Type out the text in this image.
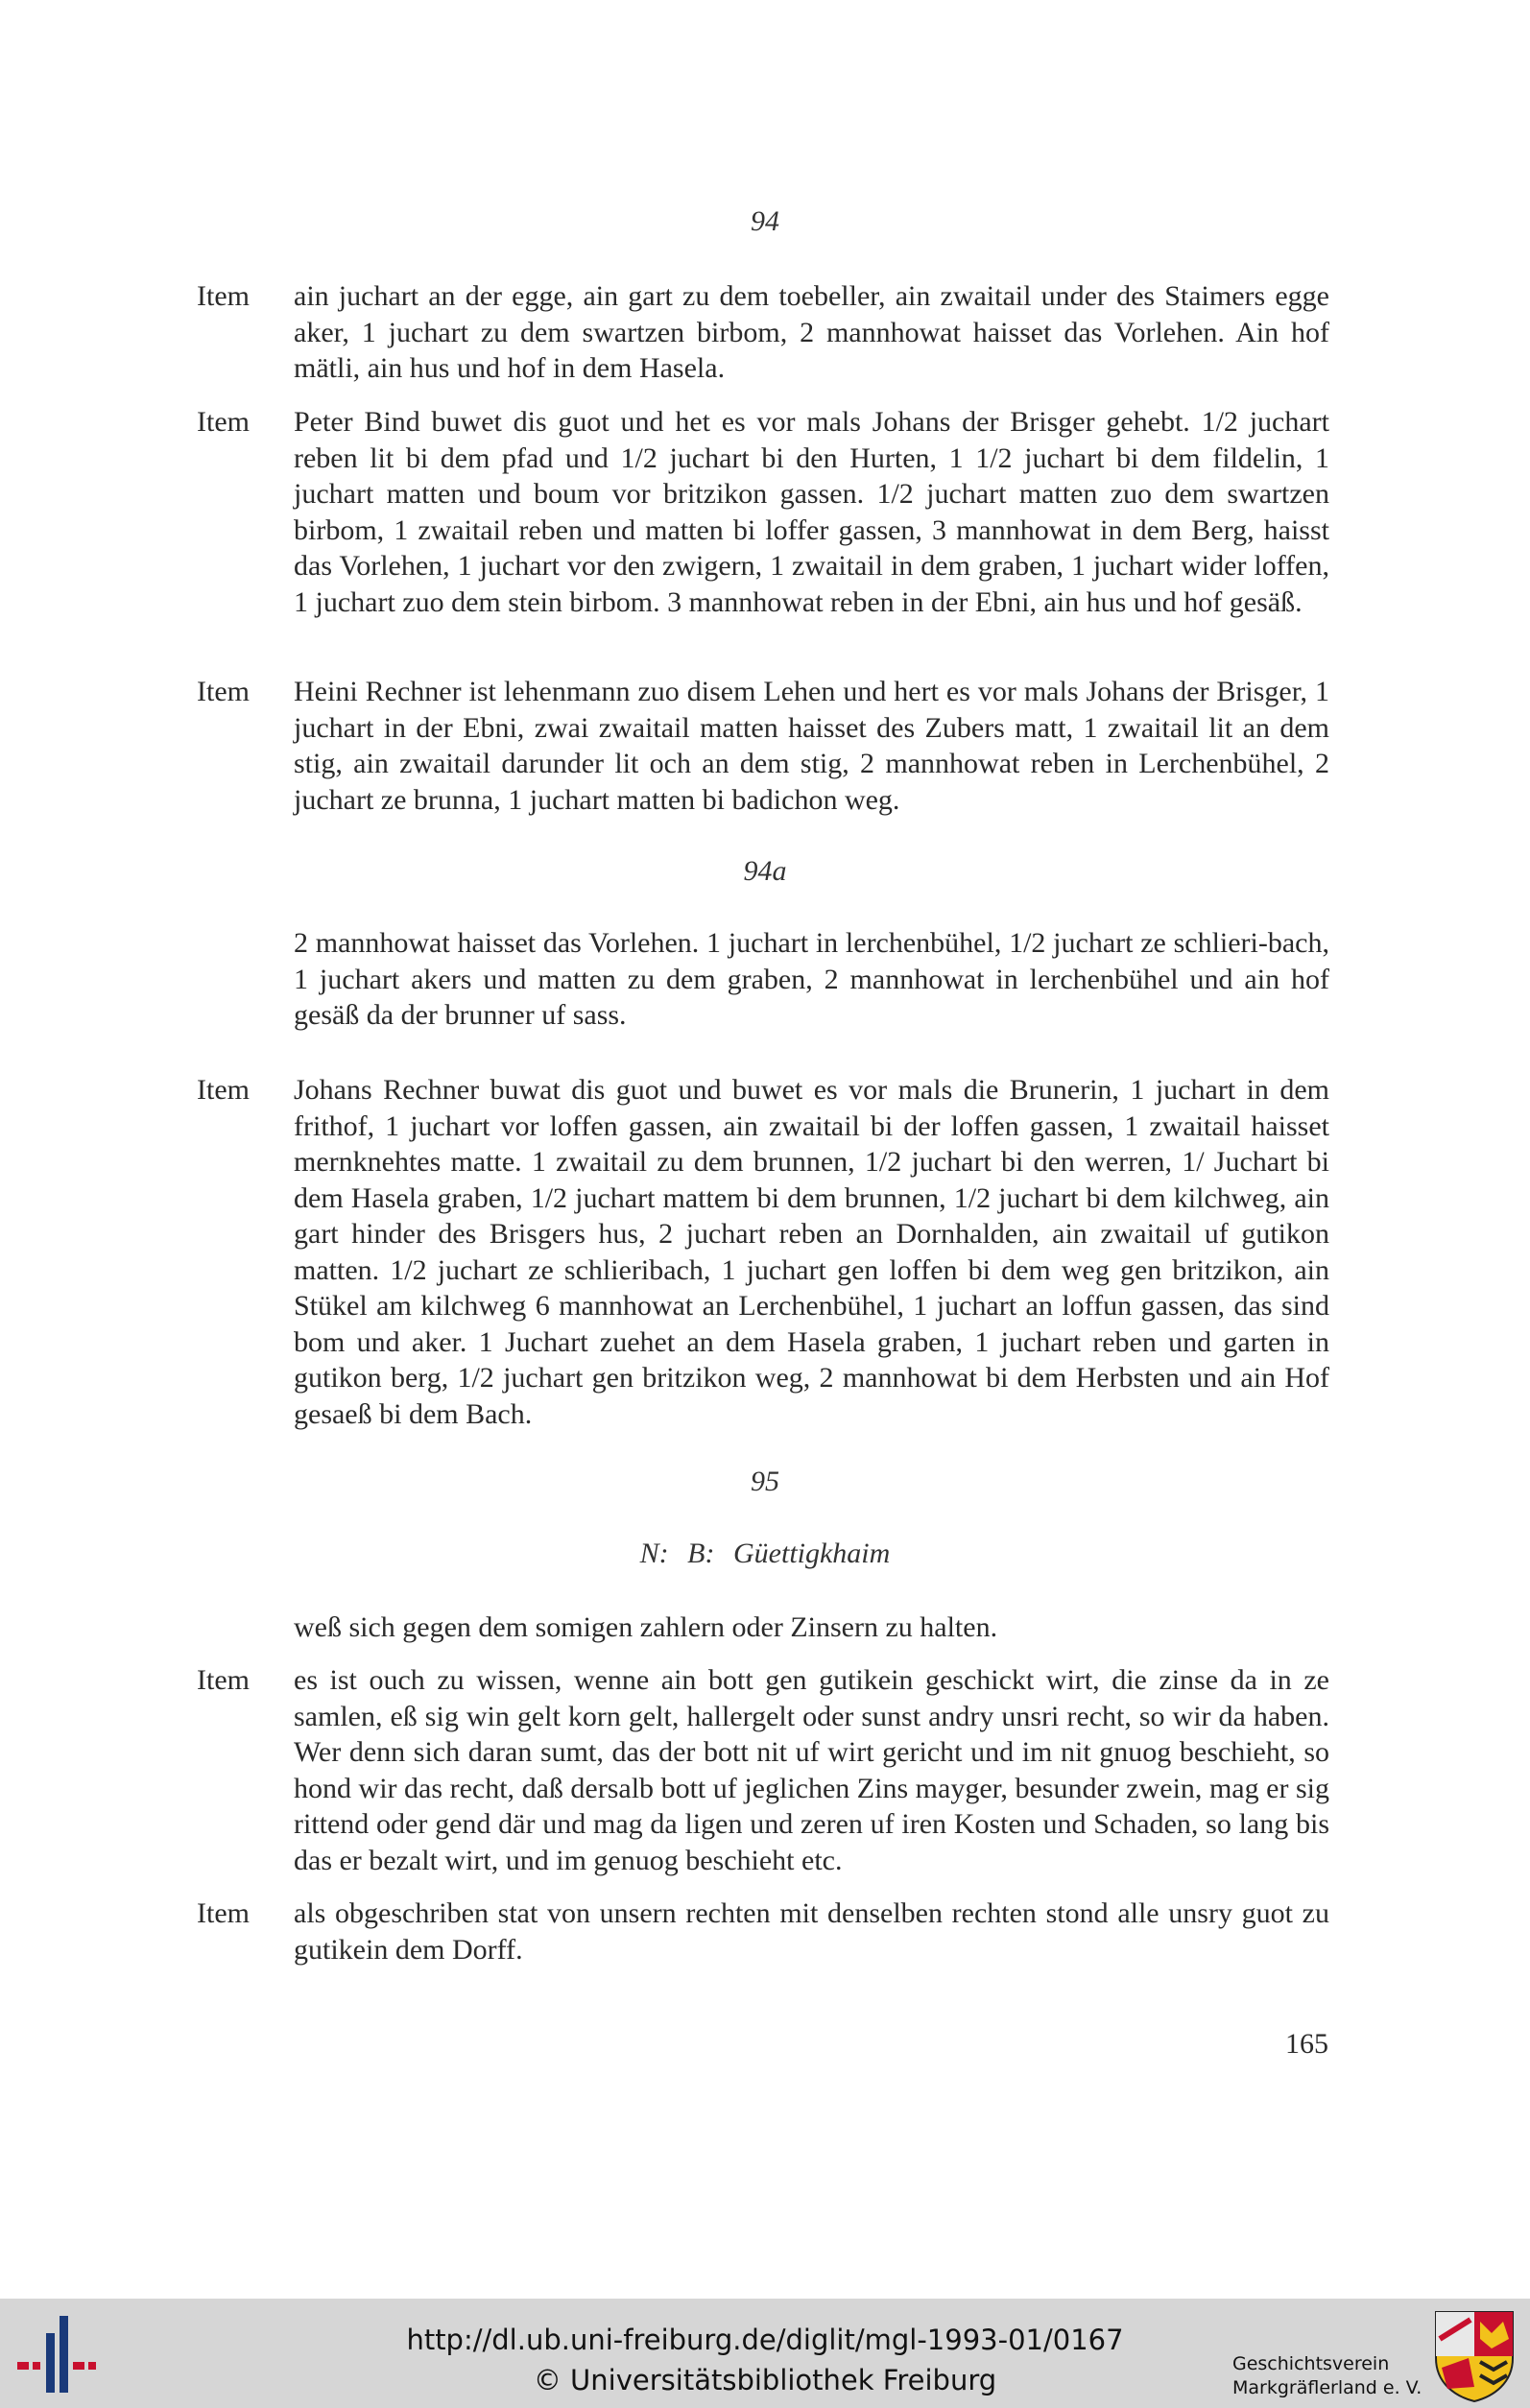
94
Item ain juchart an der egge, ain gart zu dem toebeller, ain zwaitail under des Staimers egge aker, 1 juchart zu dem swartzen birbom, 2 mannhowat haisset das Vorlehen. Ain hof mätli, ain hus und hof in dem Hasela.
Item Peter Bind buwet dis guot und het es vor mals Johans der Brisger gehebt. 1/2 juchart reben lit bi dem pfad und 1/2 juchart bi den Hurten, 1 1/2 juchart bi dem fildelin, 1 juchart matten und boum vor britzikon gassen. 1/2 juchart matten zuo dem swartzen birbom, 1 zwaitail reben und matten bi loffer gassen, 3 mannhowat in dem Berg, haisst das Vorlehen, 1 juchart vor den zwigern, 1 zwaitail in dem graben, 1 juchart wider loffen, 1 juchart zuo dem stein birbom. 3 mannhowat reben in der Ebni, ain hus und hof gesäß.
Item Heini Rechner ist lehenmann zuo disem Lehen und hert es vor mals Johans der Brisger, 1 juchart in der Ebni, zwai zwaitail matten haisset des Zubers matt, 1 zwaitail lit an dem stig, ain zwaitail darunder lit och an dem stig, 2 mannhowat reben in Lerchenbühel, 2 juchart ze brunna, 1 juchart matten bi badichon weg.
94a
2 mannhowat haisset das Vorlehen. 1 juchart in lerchenbühel, 1/2 juchart ze schlieri-bach, 1 juchart akers und matten zu dem graben, 2 mannhowat in lerchenbühel und ain hof gesäß da der brunner uf sass.
Item Johans Rechner buwat dis guot und buwet es vor mals die Brunerin, 1 juchart in dem frithof, 1 juchart vor loffen gassen, ain zwaitail bi der loffen gassen, 1 zwaitail haisset mernknehtes matte. 1 zwaitail zu dem brunnen, 1/2 juchart bi den werren, 1/ Juchart bi dem Hasela graben, 1/2 juchart mattem bi dem brunnen, 1/2 juchart bi dem kilchweg, ain gart hinder des Brisgers hus, 2 juchart reben an Dornhalden, ain zwaitail uf gutikon matten. 1/2 juchart ze schlieribach, 1 juchart gen loffen bi dem weg gen britzikon, ain Stükel am kilchweg 6 mannhowat an Lerchenbühel, 1 juchart an loffun gassen, das sind bom und aker. 1 Juchart zuehet an dem Hasela graben, 1 juchart reben und garten in gutikon berg, 1/2 juchart gen britzikon weg, 2 mannhowat bi dem Herbsten und ain Hof gesaeß bi dem Bach.
95
N: B: Güettigkhaim
weß sich gegen dem somigen zahlern oder Zinsern zu halten.
Item es ist ouch zu wissen, wenne ain bott gen gutikein geschickt wirt, die zinse da in ze samlen, eß sig win gelt korn gelt, hallergelt oder sunst andry unsri recht, so wir da haben. Wer denn sich daran sumt, das der bott nit uf wirt gericht und im nit gnuog beschieht, so hond wir das recht, daß dersalb bott uf jeglichen Zins mayger, besunder zwein, mag er sig rittend oder gend där und mag da ligen und zeren uf iren Kosten und Schaden, so lang bis das er bezalt wirt, und im genuog beschieht etc.
Item als obgeschriben stat von unsern rechten mit denselben rechten stond alle unsry guot zu gutikein dem Dorff.
165
http://dl.ub.uni-freiburg.de/diglit/mgl-1993-01/0167
© Universitätsbibliothek Freiburg	Geschichtsverein
Markgräflerland e. V.
